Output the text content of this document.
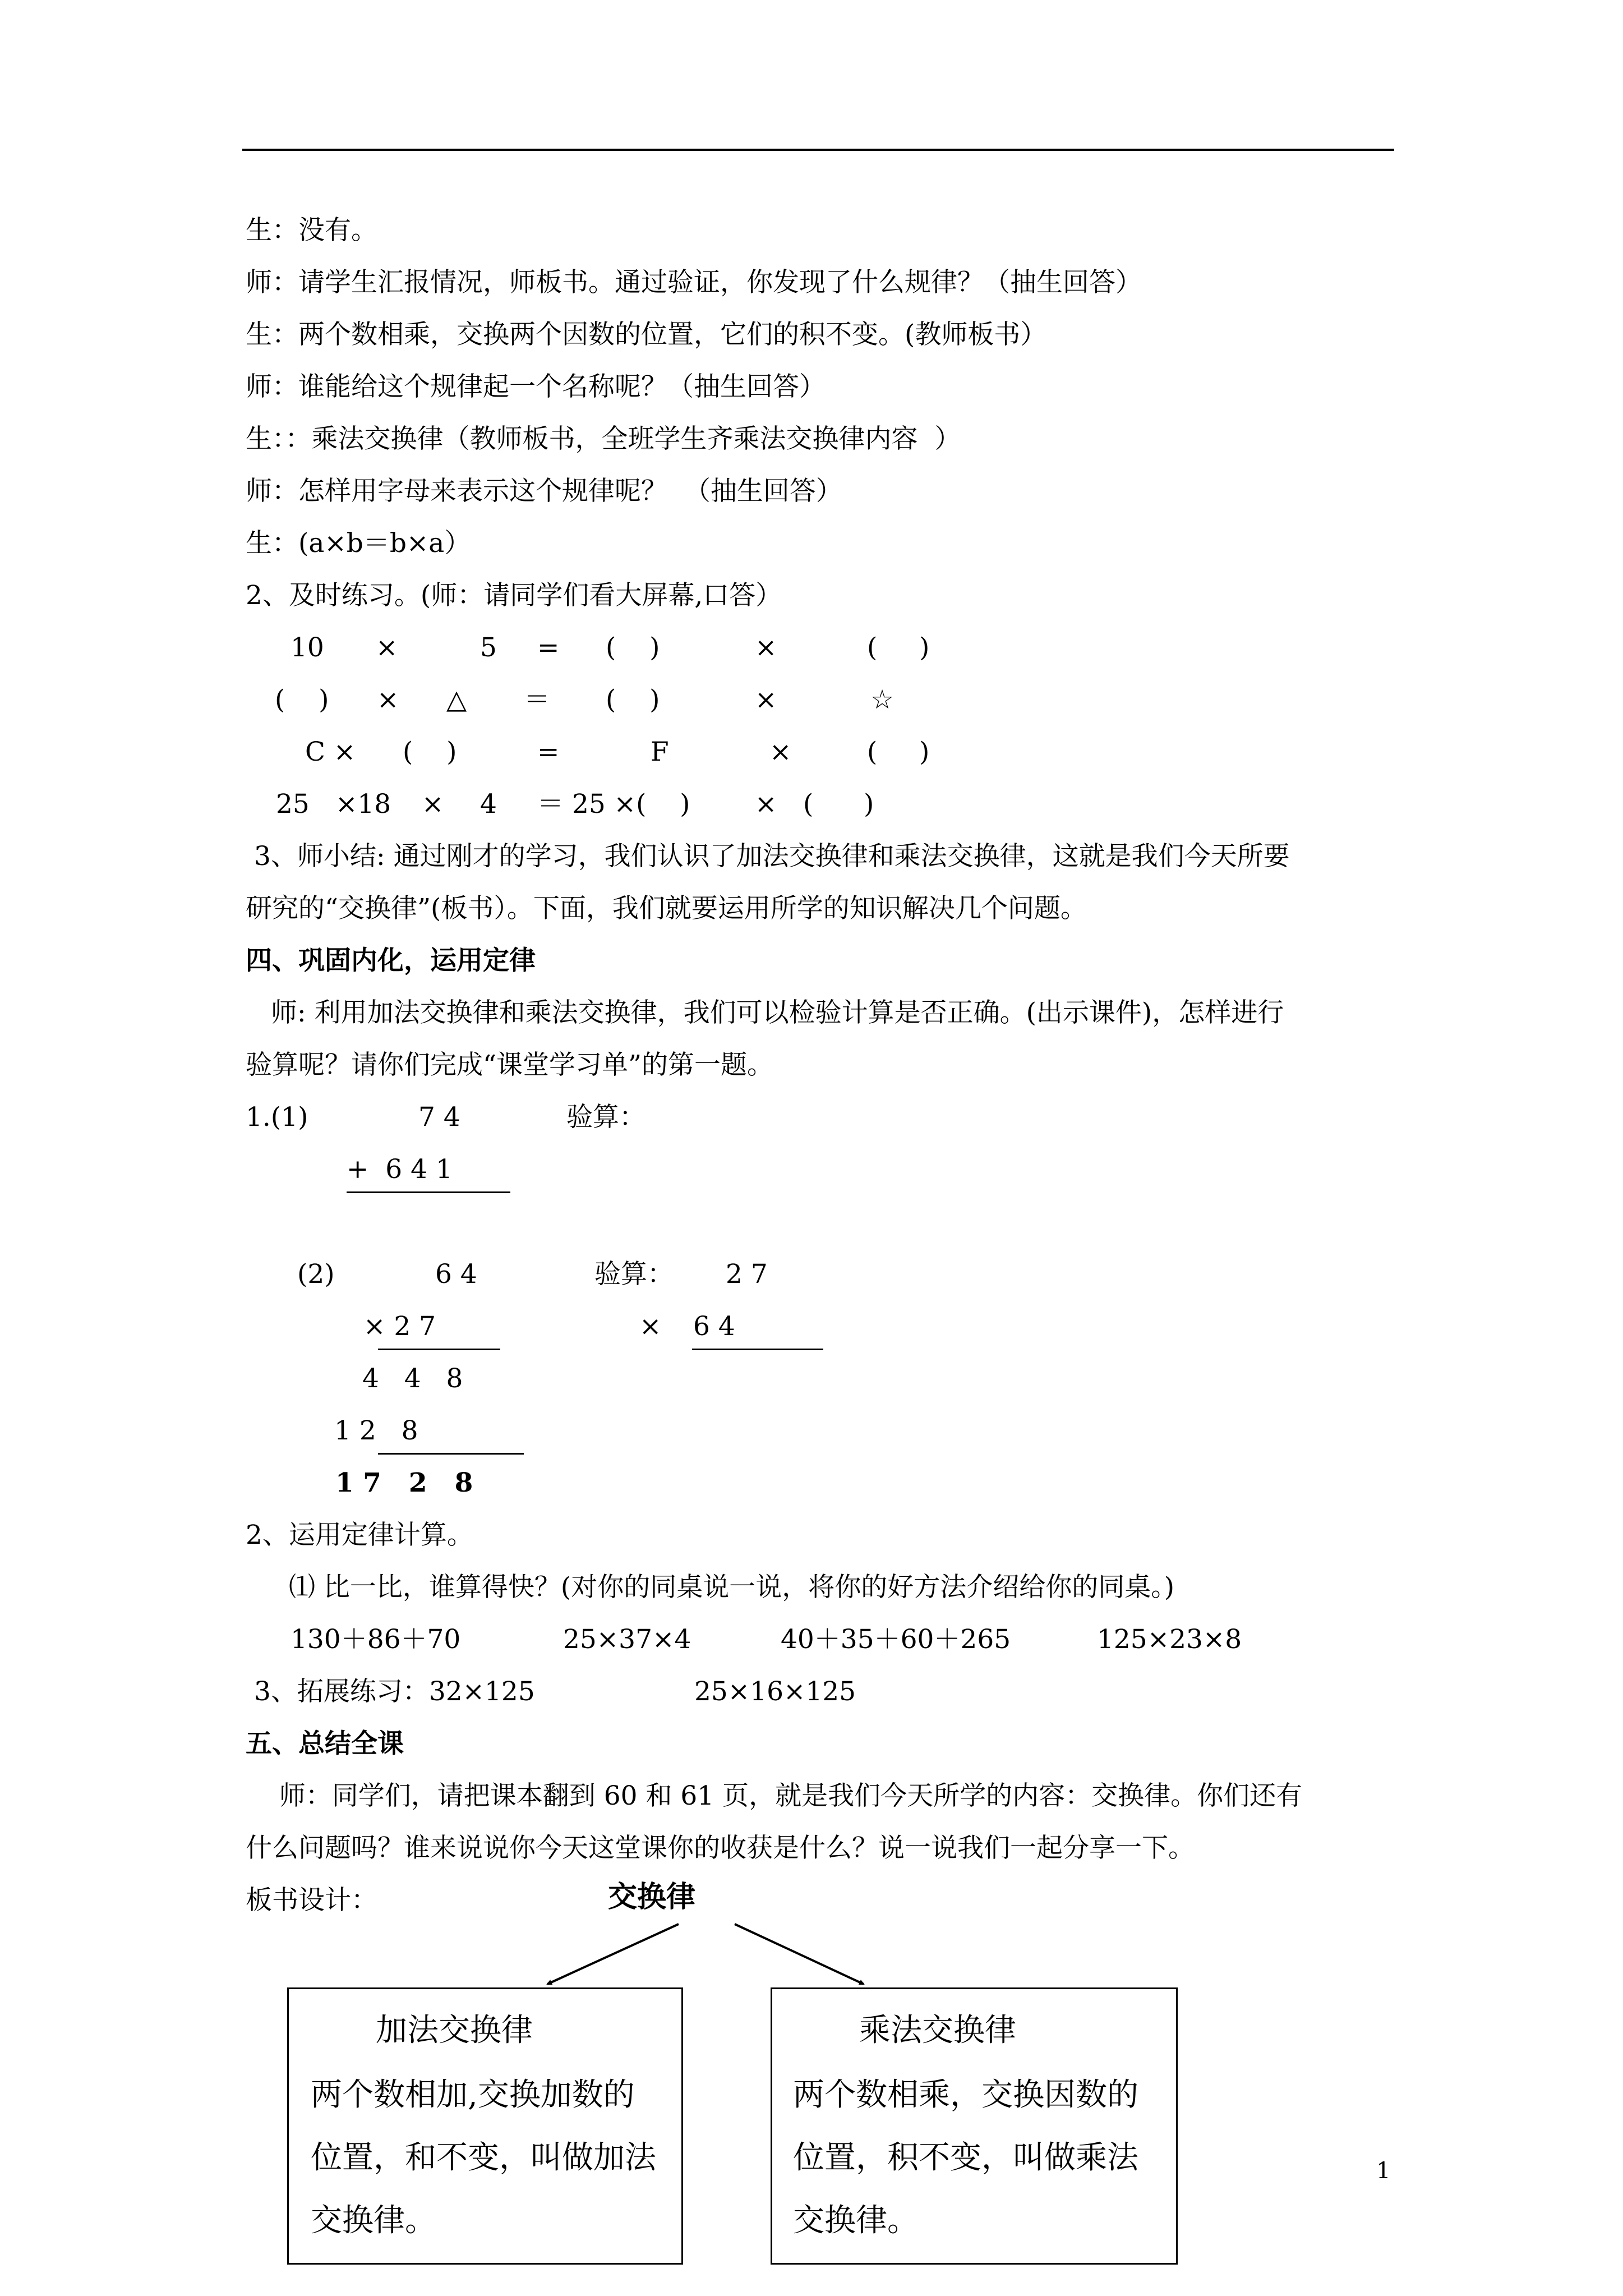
生：没有。
师：请学生汇报情况，师板书。通过验证，你发现了什么规律？（抽生回答）
生：两个数相乘，交换两个因数的位置，它们的积不变。(教师板书）
师：谁能给这个规律起一个名称呢？（抽生回答）
生：：乘法交换律（教师板书，全班学生齐乘法交换律内容  ）
师：怎样用字母来表示这个规律呢？  （抽生回答）
生：(a×b＝b×a）
2、及时练习。(师：请同学们看大屏幕,口答）
10 ×	5 = (    )	×	(     )
(    ) × △ ＝ (    )	×	☆
C × (    )	=	F	×	(     )
25 ×18 × 4 ＝ 25 ×(    ) × (      )
3、师小结: 通过刚才的学习，我们认识了加法交换律和乘法交换律，这就是我们今天所要
研究的“交换律”(板书）。下面，我们就要运用所学的知识解决几个问题。
四、巩固内化，运用定律
师: 利用加法交换律和乘法交换律，我们可以检验计算是否正确。(出示课件)，怎样进行
验算呢？请你们完成“课堂学习单”的第一题。
1.(1)	7 4	验算：
+  6 4 1
(2)	6 4	验算： 2 7
× 2 7	× 6 4
4   4   8
1 2   8
1 7   2   8
2、运用定律计算。
⑴ 比一比，谁算得快？(对你的同桌说一说，将你的好方法介绍给你的同桌。)
130＋86＋70	25×37×4	40＋35＋60＋265	125×23×8
3、拓展练习：32×125	25×16×125
五、总结全课
师：同学们，请把课本翻到 60 和 61 页，就是我们今天所学的内容：交换律。你们还有
什么问题吗？谁来说说你今天这堂课你的收获是什么？说一说我们一起分享一下。
板书设计：	交换律
加法交换律
两个数相加,交换加数的
位置，和不变，叫做加法
交换律。
乘法交换律
两个数相乘，交换因数的
位置，积不变，叫做乘法
交换律。
1
